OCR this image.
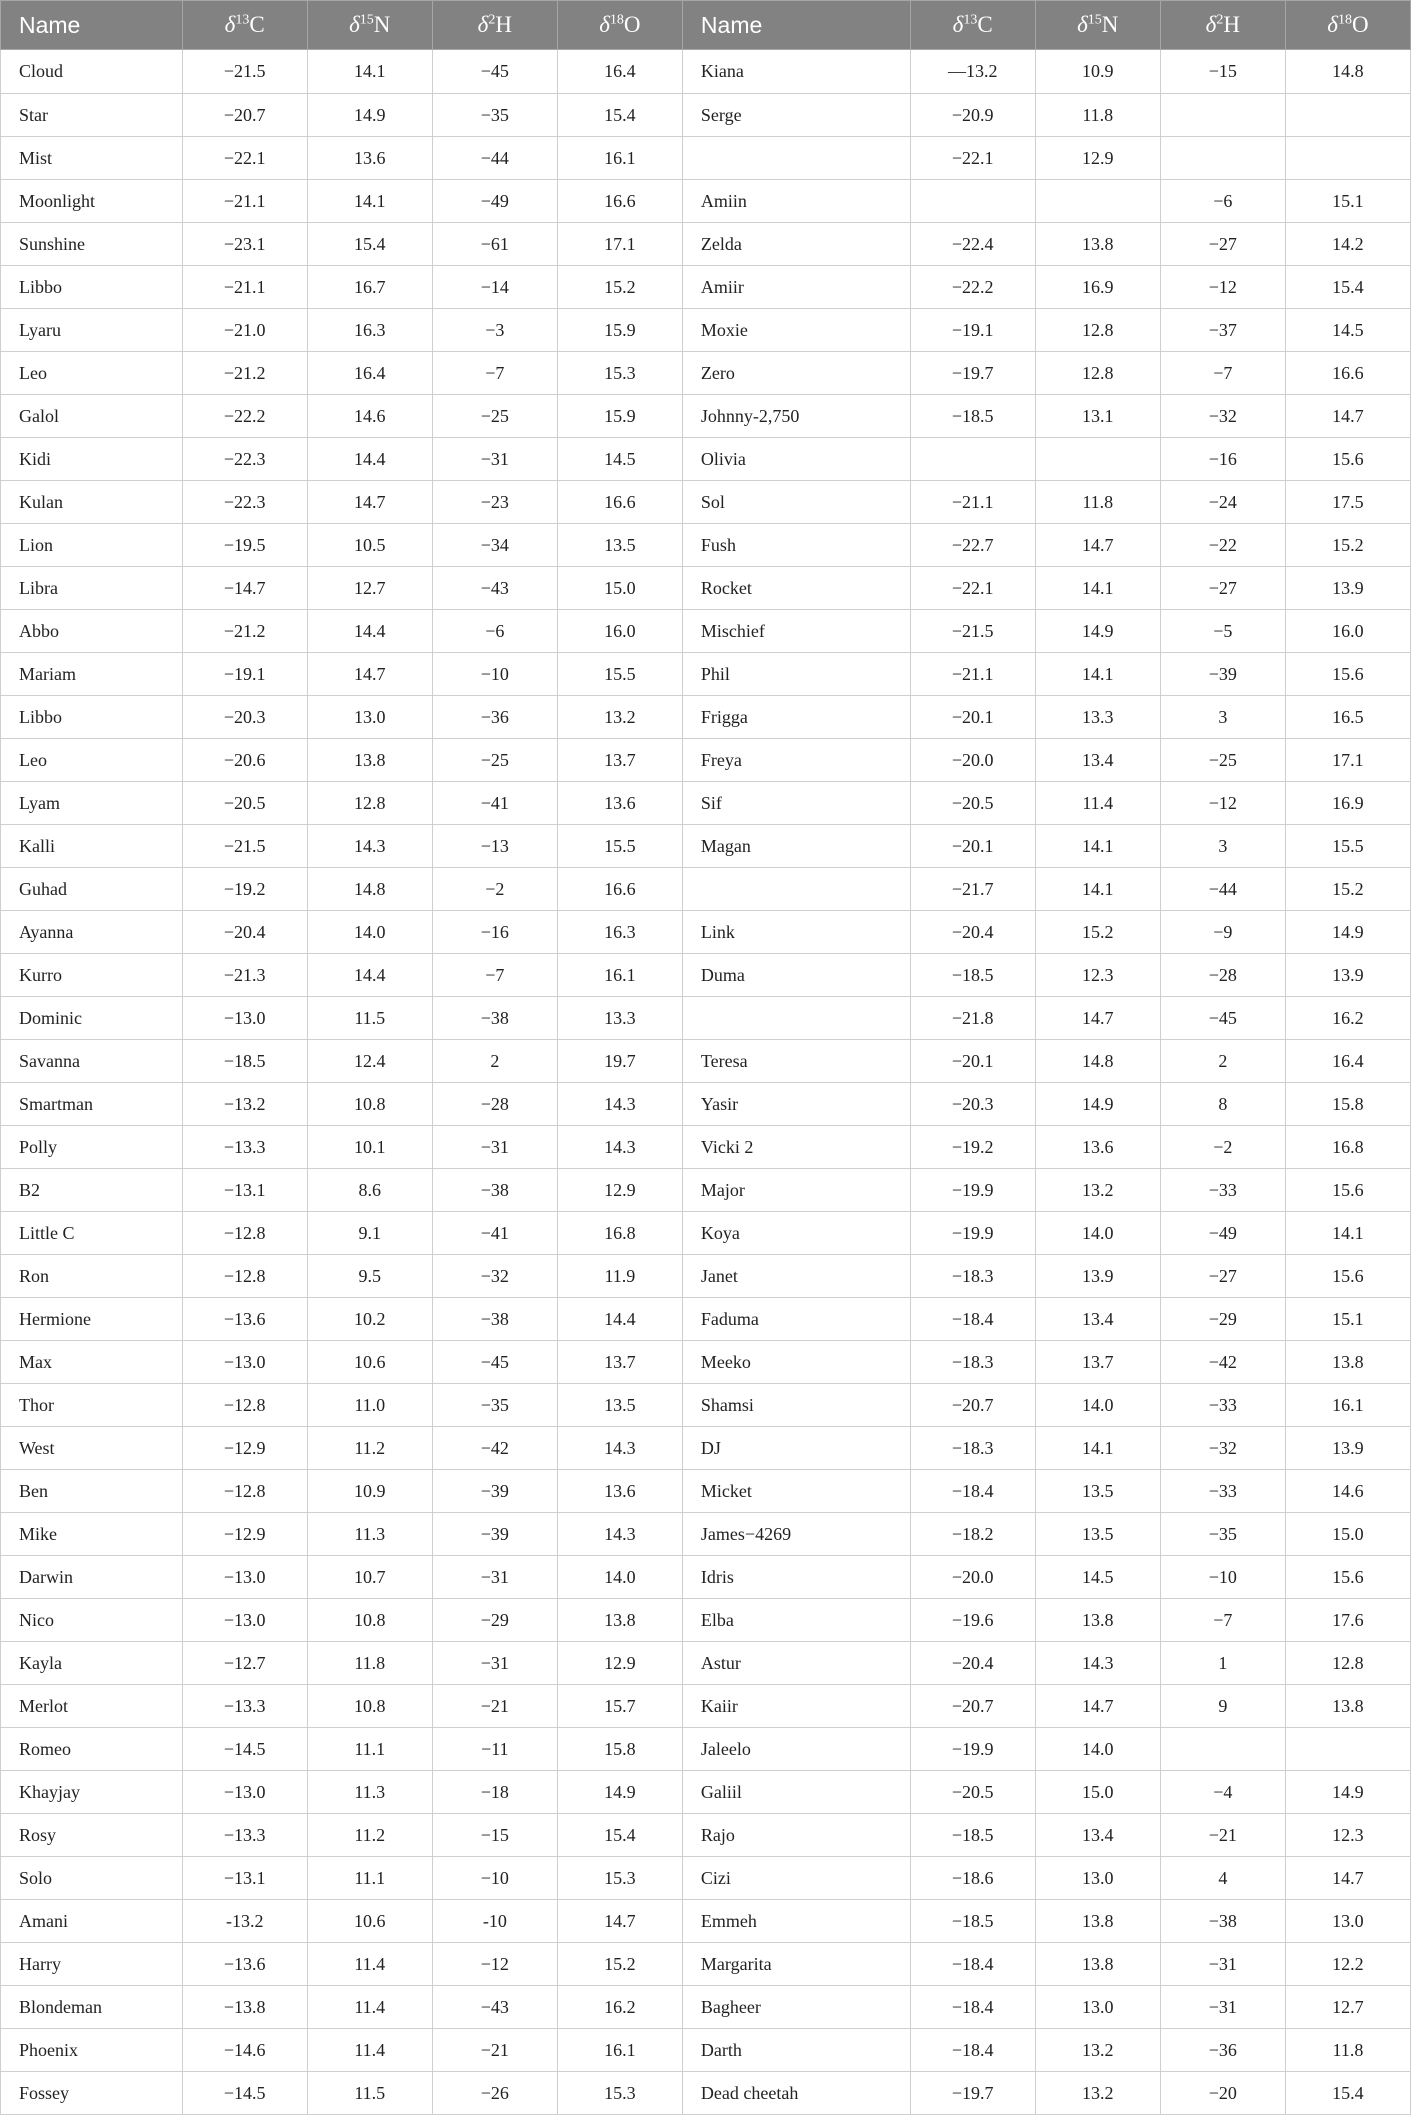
Name	$\delta^{13}C$	$\delta^{15}N$	$\delta^2H$	$\delta^{18}O$	Name	$\delta^{13}C$	$\delta^{15}N$	$\delta^2H$	$\delta^{18}O$
Cloud	−21.5	14.1	−45	16.4	Kiana	—13.2	10.9	−15	14.8
Star	−20.7	14.9	−35	15.4	Serge	−20.9	11.8		
Mist	−22.1	13.6	−44	16.1		−22.1	12.9		
Moonlight	−21.1	14.1	−49	16.6	Amiin			−6	15.1
Sunshine	−23.1	15.4	−61	17.1	Zelda	−22.4	13.8	−27	14.2
Libbo	−21.1	16.7	−14	15.2	Amiir	−22.2	16.9	−12	15.4
Lyaru	−21.0	16.3	−3	15.9	Moxie	−19.1	12.8	−37	14.5
Leo	−21.2	16.4	−7	15.3	Zero	−19.7	12.8	−7	16.6
Galol	−22.2	14.6	−25	15.9	Johnny-2,750	−18.5	13.1	−32	14.7
Kidi	−22.3	14.4	−31	14.5	Olivia			−16	15.6
Kulan	−22.3	14.7	−23	16.6	Sol	−21.1	11.8	−24	17.5
Lion	−19.5	10.5	−34	13.5	Fush	−22.7	14.7	−22	15.2
Libra	−14.7	12.7	−43	15.0	Rocket	−22.1	14.1	−27	13.9
Abbo	−21.2	14.4	−6	16.0	Mischief	−21.5	14.9	−5	16.0
Mariam	−19.1	14.7	−10	15.5	Phil	−21.1	14.1	−39	15.6
Libbo	−20.3	13.0	−36	13.2	Frigga	−20.1	13.3	3	16.5
Leo	−20.6	13.8	−25	13.7	Freya	−20.0	13.4	−25	17.1
Lyam	−20.5	12.8	−41	13.6	Sif	−20.5	11.4	−12	16.9
Kalli	−21.5	14.3	−13	15.5	Magan	−20.1	14.1	3	15.5
Guhad	−19.2	14.8	−2	16.6		−21.7	14.1	−44	15.2
Ayanna	−20.4	14.0	−16	16.3	Link	−20.4	15.2	−9	14.9
Kurro	−21.3	14.4	−7	16.1	Duma	−18.5	12.3	−28	13.9
Dominic	−13.0	11.5	−38	13.3		−21.8	14.7	−45	16.2
Savanna	−18.5	12.4	2	19.7	Teresa	−20.1	14.8	2	16.4
Smartman	−13.2	10.8	−28	14.3	Yasir	−20.3	14.9	8	15.8
Polly	−13.3	10.1	−31	14.3	Vicki 2	−19.2	13.6	−2	16.8
B2	−13.1	8.6	−38	12.9	Major	−19.9	13.2	−33	15.6
Little C	−12.8	9.1	−41	16.8	Koya	−19.9	14.0	−49	14.1
Ron	−12.8	9.5	−32	11.9	Janet	−18.3	13.9	−27	15.6
Hermione	−13.6	10.2	−38	14.4	Faduma	−18.4	13.4	−29	15.1
Max	−13.0	10.6	−45	13.7	Meeko	−18.3	13.7	−42	13.8
Thor	−12.8	11.0	−35	13.5	Shamsi	−20.7	14.0	−33	16.1
West	−12.9	11.2	−42	14.3	DJ	−18.3	14.1	−32	13.9
Ben	−12.8	10.9	−39	13.6	Micket	−18.4	13.5	−33	14.6
Mike	−12.9	11.3	−39	14.3	James−4269	−18.2	13.5	−35	15.0
Darwin	−13.0	10.7	−31	14.0	Idris	−20.0	14.5	−10	15.6
Nico	−13.0	10.8	−29	13.8	Elba	−19.6	13.8	−7	17.6
Kayla	−12.7	11.8	−31	12.9	Astur	−20.4	14.3	1	12.8
Merlot	−13.3	10.8	−21	15.7	Kaiir	−20.7	14.7	9	13.8
Romeo	−14.5	11.1	−11	15.8	Jaleelo	−19.9	14.0		
Khayjay	−13.0	11.3	−18	14.9	Galiil	−20.5	15.0	−4	14.9
Rosy	−13.3	11.2	−15	15.4	Rajo	−18.5	13.4	−21	12.3
Solo	−13.1	11.1	−10	15.3	Cizi	−18.6	13.0	4	14.7
Amani	-13.2	10.6	-10	14.7	Emmeh	−18.5	13.8	−38	13.0
Harry	−13.6	11.4	−12	15.2	Margarita	−18.4	13.8	−31	12.2
Blondeman	−13.8	11.4	−43	16.2	Bagheer	−18.4	13.0	−31	12.7
Phoenix	−14.6	11.4	−21	16.1	Darth	−18.4	13.2	−36	11.8
Fossey	−14.5	11.5	−26	15.3	Dead cheetah	−19.7	13.2	−20	15.4
